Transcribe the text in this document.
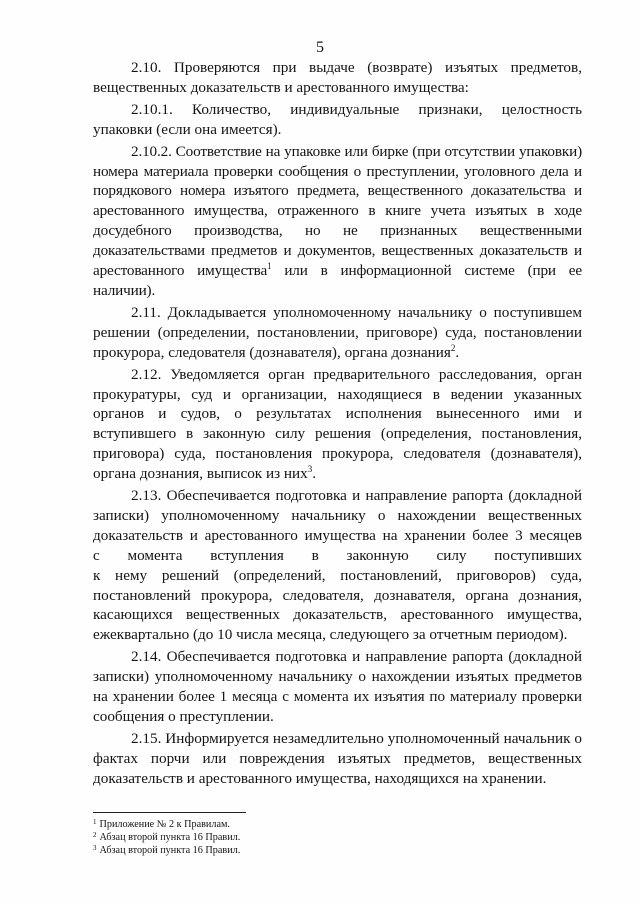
5
2.10. Проверяются при выдаче (возврате) изъятых предметов, вещественных доказательств и арестованного имущества:
2.10.1. Количество, индивидуальные признаки, целостность упаковки (если она имеется).
2.10.2. Соответствие на упаковке или бирке (при отсутствии упаковки) номера материала проверки сообщения о преступлении, уголовного дела и порядкового номера изъятого предмета, вещественного доказательства и арестованного имущества, отраженного в книге учета изъятых в ходе досудебного производства, но не признанных вещественными доказательствами предметов и документов, вещественных доказательств и арестованного имущества$^1$ или в информационной системе (при ее наличии).
2.11. Докладывается уполномоченному начальнику о поступившем решении (определении, постановлении, приговоре) суда, постановлении прокурора, следователя (дознавателя), органа дознания$^2$.
2.12. Уведомляется орган предварительного расследования, орган прокуратуры, суд и организации, находящиеся в ведении указанных органов и судов, о результатах исполнения вынесенного ими и вступившего в законную силу решения (определения, постановления, приговора) суда, постановления прокурора, следователя (дознавателя), органа дознания, выписок из них$^3$.
2.13. Обеспечивается подготовка и направление рапорта (докладной
записки) уполномоченному начальнику о нахождении вещественных
доказательств и арестованного имущества на хранении более 3 месяцев
с момента вступления в законную силу поступивших
к нему решений (определений, постановлений, приговоров) суда,
постановлений прокурора, следователя, дознавателя, органа дознания,
касающихся вещественных доказательств, арестованного имущества,
ежеквартально (до 10 числа месяца, следующего за отчетным периодом).
2.14. Обеспечивается подготовка и направление рапорта (докладной записки) уполномоченному начальнику о нахождении изъятых предметов на хранении более 1 месяца с момента их изъятия по материалу проверки сообщения о преступлении.
2.15. Информируется незамедлительно уполномоченный начальник о фактах порчи или повреждения изъятых предметов, вещественных доказательств и арестованного имущества, находящихся на хранении.
$^1$ Приложение № 2 к Правилам.
$^2$ Абзац второй пункта 16 Правил.
$^3$ Абзац второй пункта 16 Правил.
